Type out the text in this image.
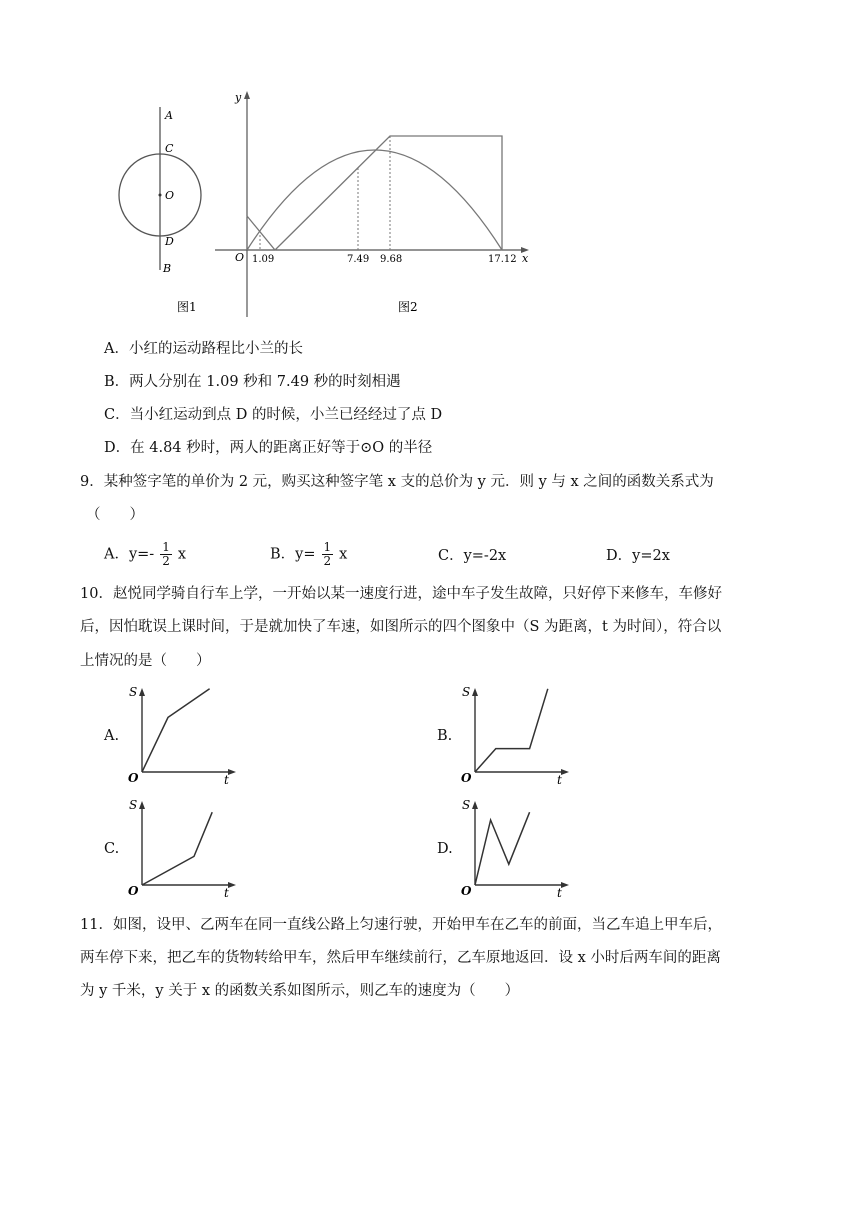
A
C
O
D
B
图1
y
x
O 1.09	7.49 9.68	17.12
图2
A．小红的运动路程比小兰的长
B．两人分别在 1.09 秒和 7.49 秒的时刻相遇
C．当小红运动到点 D 的时候，小兰已经经过了点 D
D．在 4.84 秒时，两人的距离正好等于⊙O 的半径
9．某种签字笔的单价为 2 元，购买这种签字笔 x 支的总价为 y 元．则 y 与 x 之间的函数关系式为
（　　）
A．$y=- \frac{1}{2}$ x	B．$y= \frac{1}{2}$ x	C．y=-2x	D．y=2x
10．赵悦同学骑自行车上学，一开始以某一速度行进，途中车子发生故障，只好停下来修车，车修好
后，因怕耽误上课时间，于是就加快了车速，如图所示的四个图象中（S 为距离，t 为时间），符合以
上情况的是（　　）
A.	B.
C.	D.
S
t
O
S
t
O
S
t
O
S
t
O
11．如图，设甲、乙两车在同一直线公路上匀速行驶，开始甲车在乙车的前面，当乙车追上甲车后，
两车停下来，把乙车的货物转给甲车，然后甲车继续前行，乙车原地返回．设 x 小时后两车间的距离
为 y 千米，y 关于 x 的函数关系如图所示，则乙车的速度为（　　）
